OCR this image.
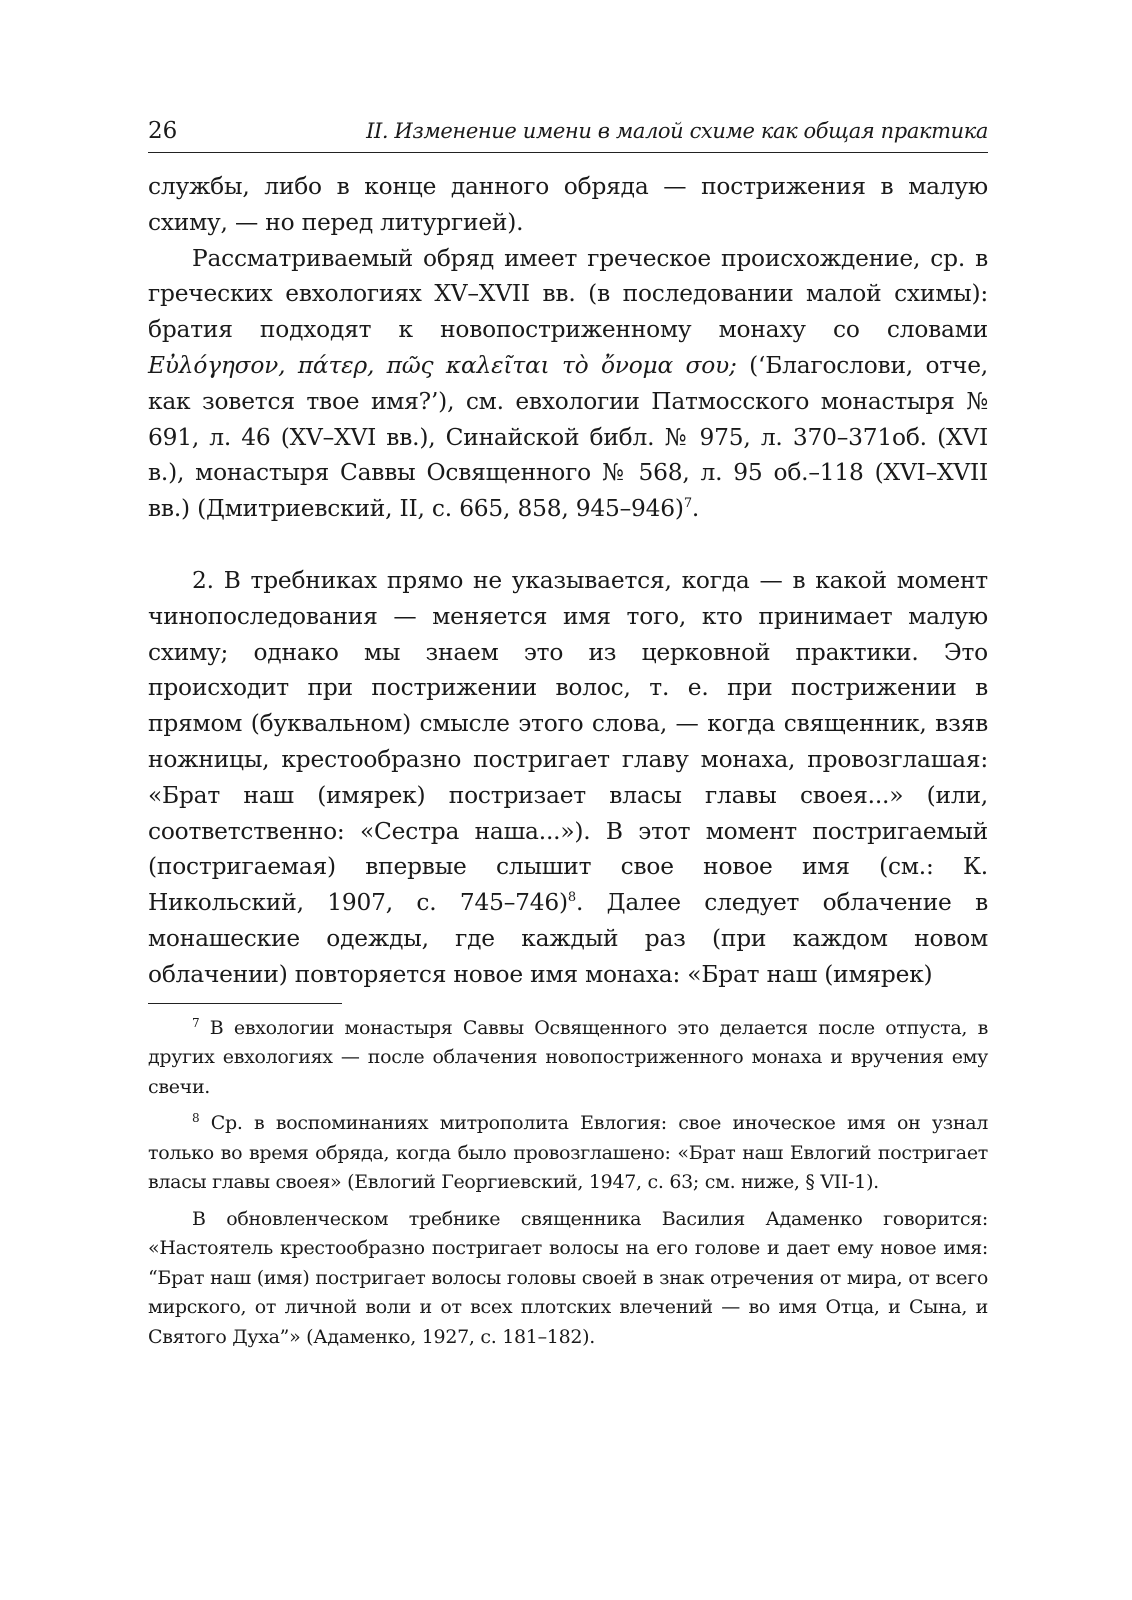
26	II. Изменение имени в малой схиме как общая практика

службы, либо в конце данного обряда — пострижения в малую схиму, — но перед литургией).

Рассматриваемый обряд имеет греческое происхождение, ср. в греческих евхологиях XV–XVII вв. (в последовании малой схимы): братия подходят к новопостриженному монаху со словами Εὐλόγησον, πάτερ, πῶς καλεῖται τὸ ὄνομα σου; (‘Благослови, отче, как зовется твое имя?’), см. евхологии Патмосского монастыря № 691, л. 46 (XV–XVI вв.), Синайской библ. № 975, л. 370–371об. (XVI в.), монастыря Саввы Освященного № 568, л. 95 об.–118 (XVI–XVII вв.) (Дмитриевский, II, с. 665, 858, 945–946)$^7$.

2. В требниках прямо не указывается, когда — в какой момент чинопоследования — меняется имя того, кто принимает малую схиму; однако мы знаем это из церковной практики. Это происходит при пострижении волос, т. е. при пострижении в прямом (буквальном) смысле этого слова, — когда священник, взяв ножницы, крестообразно постригает главу монаха, провозглашая: «Брат наш (имярек) постризает власы главы своея...» (или, соответственно: «Сестра наша...»). В этот момент постригаемый (постригаемая) впервые слышит свое новое имя (см.: К. Никольский, 1907, с. 745–746)$^8$. Далее следует облачение в монашеские одежды, где каждый раз (при каждом новом облачении) повторяется новое имя монаха: «Брат наш (имярек)

$^7$ В евхологии монастыря Саввы Освященного это делается после отпуста, в других евхологиях — после облачения новопостриженного монаха и вручения ему свечи.

$^8$ Ср. в воспоминаниях митрополита Евлогия: свое иноческое имя он узнал только во время обряда, когда было провозглашено: «Брат наш Евлогий постригает власы главы своея» (Евлогий Георгиевский, 1947, с. 63; см. ниже, § VII-1).

В обновленческом требнике священника Василия Адаменко говорится: «Настоятель крестообразно постригает волосы на его голове и дает ему новое имя: “Брат наш (имя) постригает волосы головы своей в знак отречения от мира, от всего мирского, от личной воли и от всех плотских влечений — во имя Отца, и Сына, и Святого Духа”» (Адаменко, 1927, с. 181–182).
